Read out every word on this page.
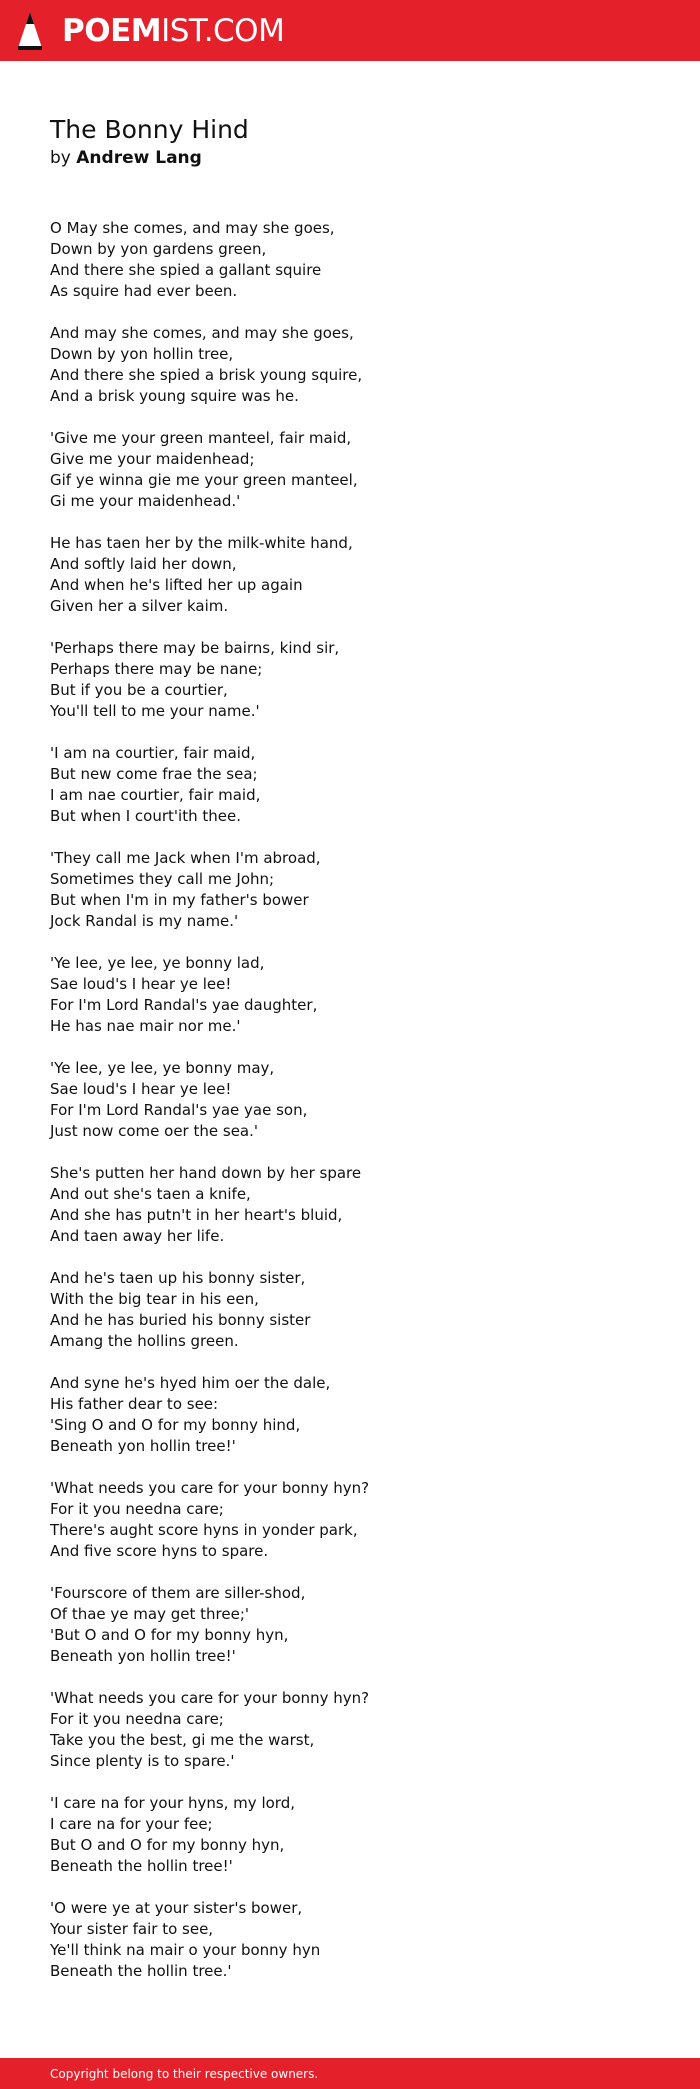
POEMIST.COM
The Bonny Hind
by Andrew Lang
O May she comes, and may she goes,
Down by yon gardens green,
And there she spied a gallant squire
As squire had ever been.
And may she comes, and may she goes,
Down by yon hollin tree,
And there she spied a brisk young squire,
And a brisk young squire was he.
'Give me your green manteel, fair maid,
Give me your maidenhead;
Gif ye winna gie me your green manteel,
Gi me your maidenhead.'
He has taen her by the milk-white hand,
And softly laid her down,
And when he's lifted her up again
Given her a silver kaim.
'Perhaps there may be bairns, kind sir,
Perhaps there may be nane;
But if you be a courtier,
You'll tell to me your name.'
'I am na courtier, fair maid,
But new come frae the sea;
I am nae courtier, fair maid,
But when I court'ith thee.
'They call me Jack when I'm abroad,
Sometimes they call me John;
But when I'm in my father's bower
Jock Randal is my name.'
'Ye lee, ye lee, ye bonny lad,
Sae loud's I hear ye lee!
For I'm Lord Randal's yae daughter,
He has nae mair nor me.'
'Ye lee, ye lee, ye bonny may,
Sae loud's I hear ye lee!
For I'm Lord Randal's yae yae son,
Just now come oer the sea.'
She's putten her hand down by her spare
And out she's taen a knife,
And she has putn't in her heart's bluid,
And taen away her life.
And he's taen up his bonny sister,
With the big tear in his een,
And he has buried his bonny sister
Amang the hollins green.
And syne he's hyed him oer the dale,
His father dear to see:
'Sing O and O for my bonny hind,
Beneath yon hollin tree!'
'What needs you care for your bonny hyn?
For it you needna care;
There's aught score hyns in yonder park,
And five score hyns to spare.
'Fourscore of them are siller-shod,
Of thae ye may get three;'
'But O and O for my bonny hyn,
Beneath yon hollin tree!'
'What needs you care for your bonny hyn?
For it you needna care;
Take you the best, gi me the warst,
Since plenty is to spare.'
'I care na for your hyns, my lord,
I care na for your fee;
But O and O for my bonny hyn,
Beneath the hollin tree!'
'O were ye at your sister's bower,
Your sister fair to see,
Ye'll think na mair o your bonny hyn
Beneath the hollin tree.'
Copyright belong to their respective owners.
